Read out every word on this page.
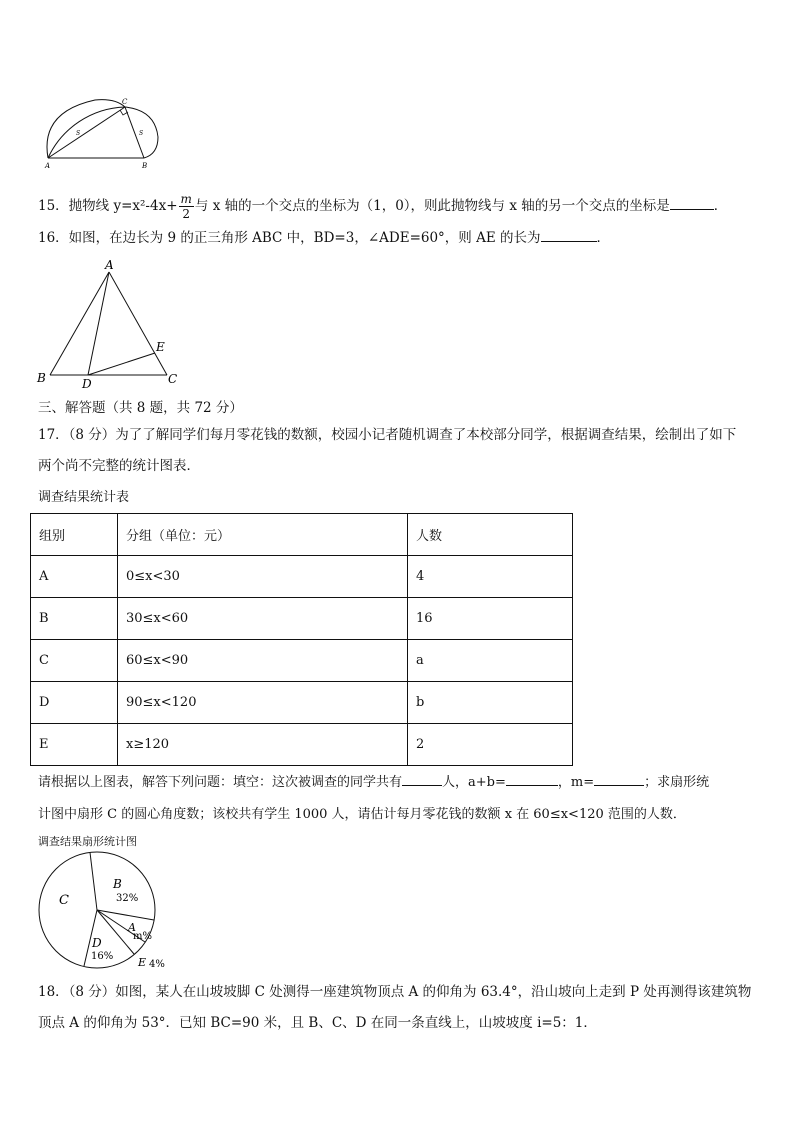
A	B
C
S	S
15．抛物线 $y=x^2-4x+ \frac{m}{2}$ 与 x 轴的一个交点的坐标为（1，0），则此抛物线与 x 轴的另一个交点的坐标是	．
16．如图，在边长为 9 的正三角形 ABC 中，BD=3，∠ADE=60°，则 AE 的长为	．
A
B	C
D
E
三、解答题（共 8 题，共 72 分）
17．（8 分）为了了解同学们每月零花钱的数额，校园小记者随机调查了本校部分同学，根据调查结果，绘制出了如下
两个尚不完整的统计图表．
调查结果统计表
组别	分组（单位：元）	人数
A	0≤x<30	4
B	30≤x<60	16
C	60≤x<90	a
D	90≤x<120	b
E	x≥120	2
请根据以上图表，解答下列问题：填空：这次被调查的同学共有	人，a+b=	，m=	；求扇形统
计图中扇形 C 的圆心角度数；该校共有学生 1000 人，请估计每月零花钱的数额 x 在 60≤x<120 范围的人数．
调查结果扇形统计图
B
32%
A
m%
E 4%
D
16%
C
18．（8 分）如图，某人在山坡坡脚 C 处测得一座建筑物顶点 A 的仰角为 63.4°，沿山坡向上走到 P 处再测得该建筑物
顶点 A 的仰角为 53°．已知 BC=90 米，且 B、C、D 在同一条直线上，山坡坡度 i=5：1．
